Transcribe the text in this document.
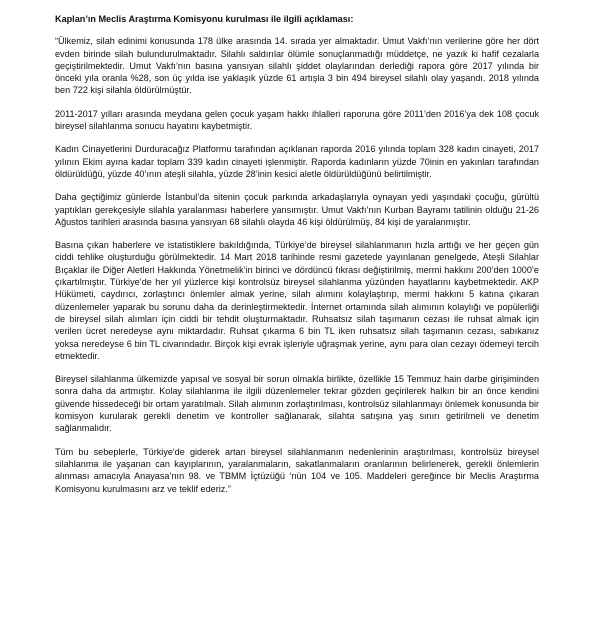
Kaplan’ın Meclis Araştırma Komisyonu kurulması ile ilgili açıklaması:

“Ülkemiz, silah edinimi konusunda 178 ülke arasında 14. sırada yer almaktadır. Umut Vakfı’nın verilerine göre her dört evden birinde silah bulundurulmaktadır. Silahlı saldırılar ölümle sonuçlanmadığı müddetçe, ne yazık ki hafif cezalarla geçiştirilmektedir. Umut Vakfı’nın basına yansıyan silahlı şiddet olaylarından derlediği rapora göre 2017 yılında bir önceki yıla oranla %28, son üç yılda ise yaklaşık yüzde 61 artışla 3 bin 494 bireysel silahlı olay yaşandı. 2018 yılında ben 722 kişi silahla öldürülmüştür.

2011-2017 yılları arasında meydana gelen çocuk yaşam hakkı ihlalleri raporuna göre 2011’den 2016’ya dek 108 çocuk bireysel silahlanma sonucu hayatını kaybetmiştir.

Kadın Cinayetlerini Durduracağız Platformu tarafından açıklanan raporda 2016 yılında toplam 328 kadın cinayeti, 2017 yılının Ekim ayına kadar toplam 339 kadın cinayeti işlenmiştir. Raporda kadınların yüzde 70inin en yakınları tarafından öldürüldüğü, yüzde 40’ının ateşli silahla, yüzde 28’inin kesici aletle öldürüldüğünü belirtilmiştir.

Daha geçtiğimiz günlerde İstanbul’da sitenin çocuk parkında arkadaşlarıyla oynayan yedi yaşındaki çocuğu, gürültü yaptıkları gerekçesiyle silahla yaralanması haberlere yansımıştır. Umut Vakfı’nın Kurban Bayramı tatilinin olduğu 21-26 Ağustos tarihleri arasında basına yansıyan 68 silahlı olayda 46 kişi öldürülmüş, 84 kişi de yaralanmıştır.

Basına çıkan haberlere ve istatistiklere bakıldığında, Türkiye’de bireysel silahlanmanın hızla arttığı ve her geçen gün ciddi tehlike oluşturduğu görülmektedir. 14 Mart 2018 tarihinde resmi gazetede yayınlanan genelgede, Ateşli Silahlar Bıçaklar ile Diğer Aletleri Hakkında Yönetmelik’in birinci ve dördüncü fıkrası değiştirilmiş, mermi hakkını 200’den 1000’e çıkartılmıştır. Türkiye’de her yıl yüzlerce kişi kontrolsüz bireysel silahlanma yüzünden hayatlarını kaybetmektedir. AKP Hükümeti, caydırıcı, zorlaştırıcı önlemler almak yerine, silah alımını kolaylaştırıp, mermi hakkını 5 katına çıkaran düzenlemeler yaparak bu sorunu daha da derinleştirmektedir. İnternet ortamında silah alımının kolaylığı ve popülerliği de bireysel silah alımları için ciddi bir tehdit oluşturmaktadır. Ruhsatsız silah taşımanın cezası ile ruhsat almak için verilen ücret neredeyse aynı miktardadır. Ruhsat çıkarma 6 bin TL iken ruhsatsız silah taşımanın cezası, sabıkanız yoksa neredeyse 6 bin TL civarındadır. Birçok kişi evrak işleriyle uğraşmak yerine, aynı para olan cezayı ödemeyi tercih etmektedir.

Bireysel silahlanma ülkemizde yapısal ve sosyal bir sorun olmakla birlikte, özellikle 15 Temmuz hain darbe girişiminden sonra daha da artmıştır. Kolay silahlanma ile ilgili düzenlemeler tekrar gözden geçirilerek halkın bir an önce kendini güvende hissedeceği bir ortam yaratılmalı. Silah alımının zorlaştırılması, kontrolsüz silahlanmayı önlemek konusunda bir komisyon kurularak gerekli denetim ve kontroller sağlanarak, silahta satışına yaş sınırı getirilmeli ve denetim sağlanmalıdır.

Tüm bu sebeplerle, Türkiye'de giderek artan bireysel silahlanmanın nedenlerinin araştırılması, kontrolsüz bireysel silahlanma ile yaşanan can kayıplarının, yaralanmaların, sakatlanmaların oranlarının belirlenerek, gerekli önlemlerin alınması amacıyla Anayasa’nın 98. ve TBMM İçtüzüğü ‘nün 104 ve 105. Maddeleri gereğince bir Meclis Araştırma Komisyonu kurulmasını arz ve teklif ederiz.”
